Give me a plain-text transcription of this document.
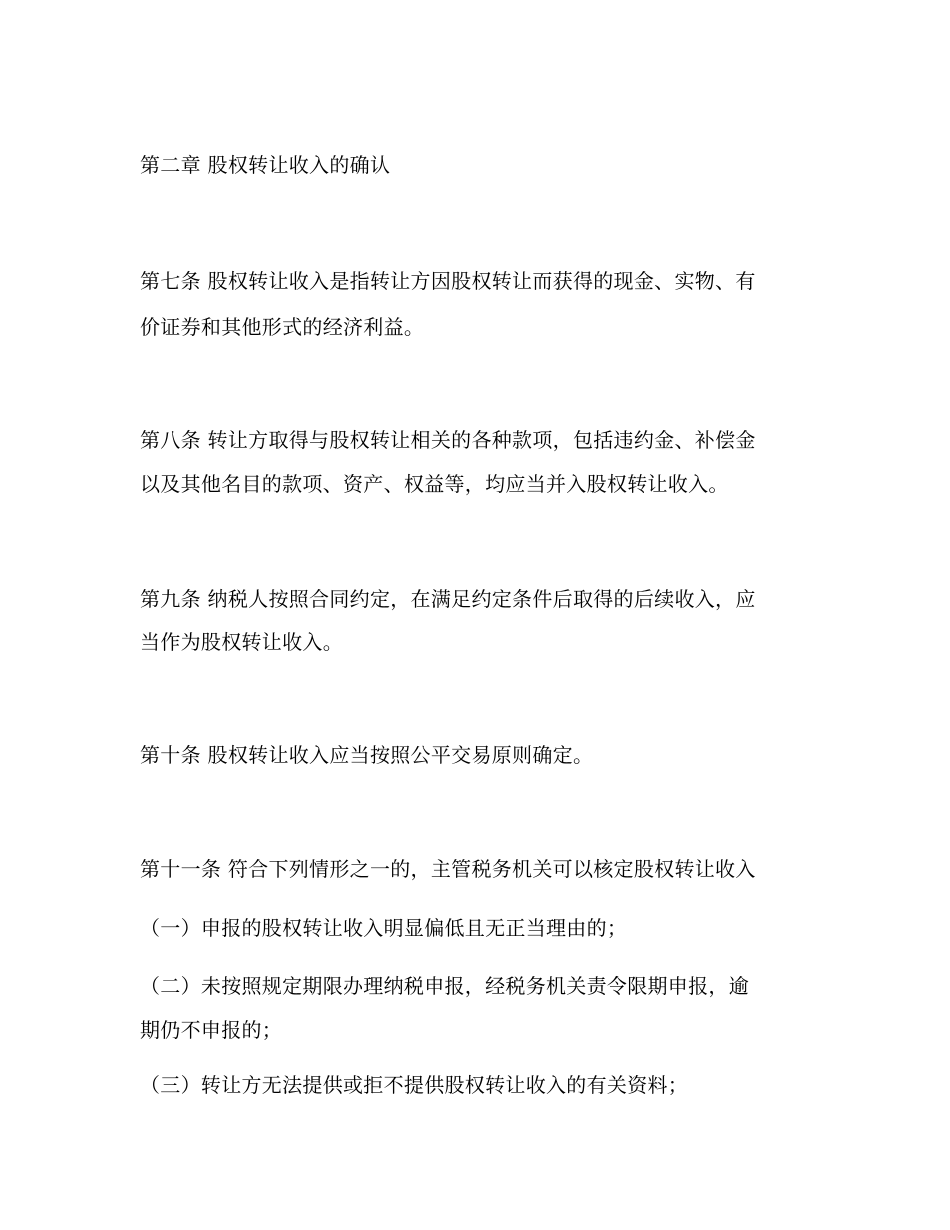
第二章 股权转让收入的确认
第七条 股权转让收入是指转让方因股权转让而获得的现金、实物、有
价证券和其他形式的经济利益。
第八条 转让方取得与股权转让相关的各种款项，包括违约金、补偿金
以及其他名目的款项、资产、权益等，均应当并入股权转让收入。
第九条 纳税人按照合同约定，在满足约定条件后取得的后续收入，应
当作为股权转让收入。
第十条 股权转让收入应当按照公平交易原则确定。
第十一条 符合下列情形之一的，主管税务机关可以核定股权转让收入
（一）申报的股权转让收入明显偏低且无正当理由的；
（二）未按照规定期限办理纳税申报，经税务机关责令限期申报，逾
期仍不申报的；
（三）转让方无法提供或拒不提供股权转让收入的有关资料；
